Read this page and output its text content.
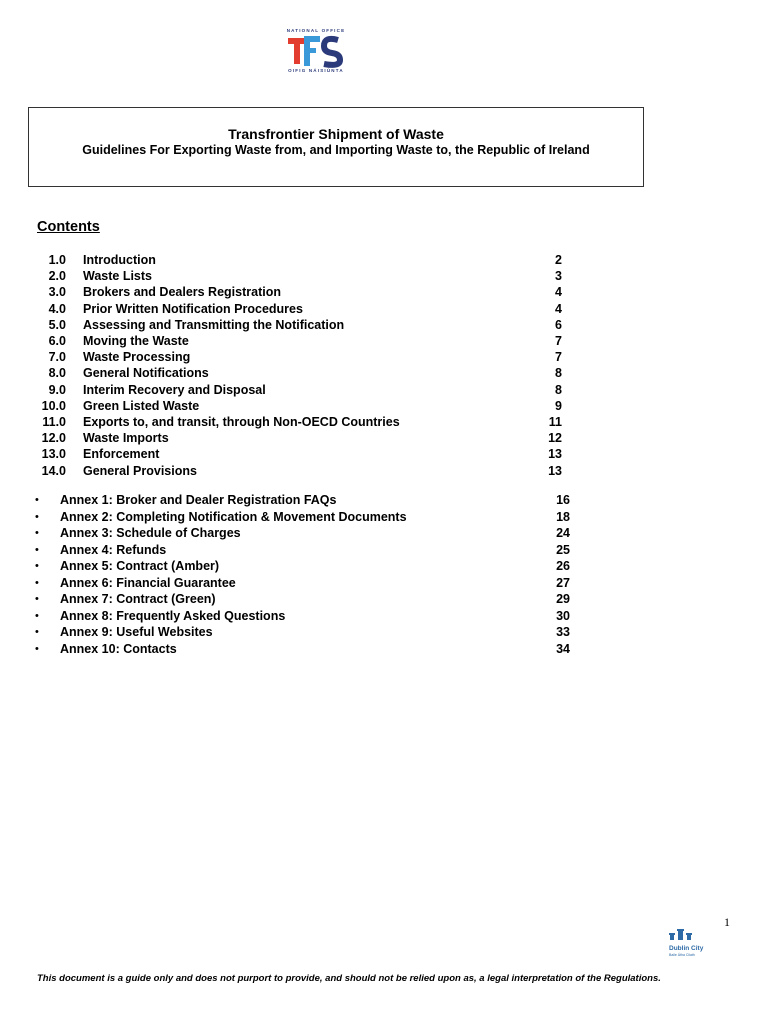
NATIONAL OFFICE
OIFIG NÁISIÚNTA
Transfrontier Shipment of Waste
Guidelines For Exporting Waste from, and Importing Waste to, the Republic of Ireland
Contents
1.0 Introduction	2
2.0 Waste Lists	3
3.0 Brokers and Dealers Registration	4
4.0 Prior Written Notification Procedures	4
5.0 Assessing and Transmitting the Notification	6
6.0 Moving the Waste	7
7.0 Waste Processing	7
8.0 General Notifications	8
9.0 Interim Recovery and Disposal	8
10.0 Green Listed Waste	9
11.0 Exports to, and transit, through Non-OECD Countries	11
12.0 Waste Imports	12
13.0 Enforcement	13
14.0 General Provisions	13
• Annex 1: Broker and Dealer Registration FAQs	16
• Annex 2: Completing Notification & Movement Documents	18
• Annex 3: Schedule of Charges	24
• Annex 4: Refunds	25
• Annex 5: Contract (Amber)	26
• Annex 6: Financial Guarantee	27
• Annex 7: Contract (Green)	29
• Annex 8: Frequently Asked Questions	30
• Annex 9: Useful Websites	33
• Annex 10: Contacts	34
1
Dublin City
Baile Átha Cliath
This document is a guide only and does not purport to provide, and should not be relied upon as, a legal interpretation of the Regulations.
